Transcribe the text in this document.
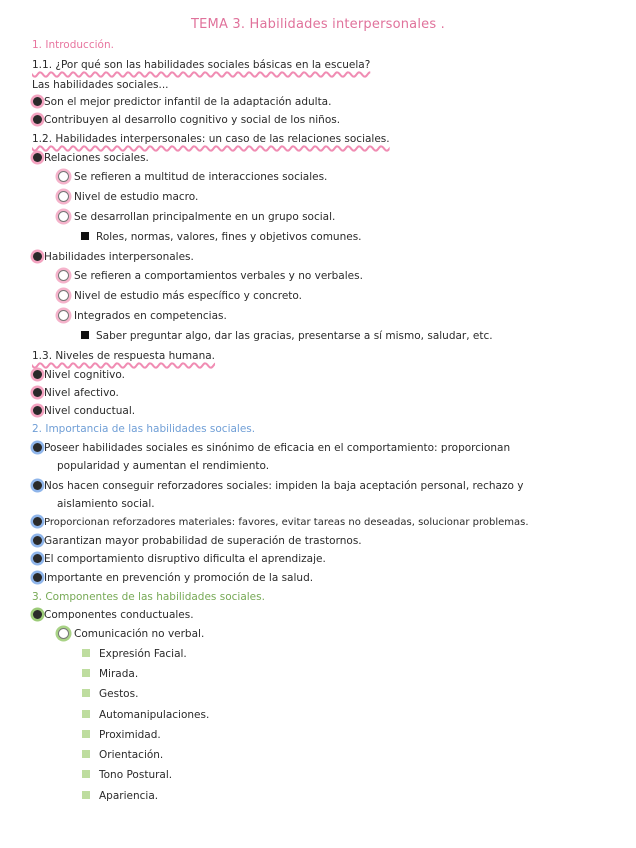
TEMA 3. Habilidades interpersonales .
1. Introducción.
1.1. ¿Por qué son las habilidades sociales básicas en la escuela?
Las habilidades sociales...
Son el mejor predictor infantil de la adaptación adulta.
Contribuyen al desarrollo cognitivo y social de los niños.
1.2. Habilidades interpersonales: un caso de las relaciones sociales.
Relaciones sociales.
Se refieren a multitud de interacciones sociales.
Nivel de estudio macro.
Se desarrollan principalmente en un grupo social.
Roles, normas, valores, fines y objetivos comunes.
Habilidades interpersonales.
Se refieren a comportamientos verbales y no verbales.
Nivel de estudio más específico y concreto.
Integrados en competencias.
Saber preguntar algo, dar las gracias, presentarse a sí mismo, saludar, etc.
1.3. Niveles de respuesta humana.
Nivel cognitivo.
Nivel afectivo.
Nivel conductual.
2. Importancia de las habilidades sociales.
Poseer habilidades sociales es sinónimo de eficacia en el comportamiento: proporcionan
popularidad y aumentan el rendimiento.
Nos hacen conseguir reforzadores sociales: impiden la baja aceptación personal, rechazo y
aislamiento social.
Proporcionan reforzadores materiales: favores, evitar tareas no deseadas, solucionar problemas.
Garantizan mayor probabilidad de superación de trastornos.
El comportamiento disruptivo dificulta el aprendizaje.
Importante en prevención y promoción de la salud.
3. Componentes de las habilidades sociales.
Componentes conductuales.
Comunicación no verbal.
Expresión Facial.
Mirada.
Gestos.
Automanipulaciones.
Proximidad.
Orientación.
Tono Postural.
Apariencia.
